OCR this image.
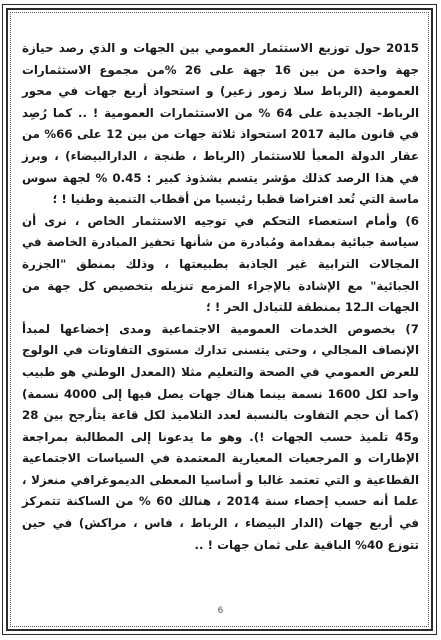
2015 حول توزيع الاستثمار العمومي بين الجهات و الذي رصد حيازة جهة واحدة من بين 16 جهة على 26 %من مجموع الاستثمارات العمومية (الرباط سلا زمور زعير) و استحواذ أربع جهات في محور الرباط- الجديدة على 64 % من الاستثمارات العمومية ! .. كما رُصِد في قانون مالية 2017 استحواذ ثلاثة جهات من بين 12 على 66% من عقار الدولة المعبأ للاستثمار (الرباط ، طنجة ، الدارالبيضاء) ، وبرز في هذا الرصد كذلك مؤشر يتسم بشذوذ كبير : 0.45 % لجهة سوس ماسة التي تُعد افتراضا قطبا رئيسيا من أقطاب التنمية وطنيا ! ؛

6) وأمام استعصاء التحكم في توجيه الاستثمار الخاص ، نرى أن سياسة جبائية بمقدامة ومُبادرة من شأنها تحفيز المبادرة الخاصة في المجالات الترابية غير الجاذبة بطبيعتها ، وذلك بمنطق "الجزرة الجبائية" مع الإشادة بالإجراء المزمع تنزيله بتخصيص كل جهة من الجهات الـ12 بمنطقة للتبادل الحر ! ؛

7) بخصوص الخدمات العمومية الاجتماعية ومدى إخضاعها لمبدأ الإنصاف المجالي ، وحتى يتسنى تدارك مستوى التفاوتات في الولوج للعرض العمومي في الصحة والتعليم مثلا (المعدل الوطني هو طبيب واحد لكل 1600 نسمة بينما هناك جهات يصل فيها إلى 4000 نسمة) (كما أن حجم التفاوت بالنسبة لعدد التلاميذ لكل قاعة يتأرجح بين 28 و45 تلميذ حسب الجهات !). وهو ما يدعونا إلى المطالبة بمراجعة الإطارات و المرجعيات المعيارية المعتمدة في السياسات الاجتماعية القطاعية و التي تعتمد غالبا و أساسيا المعطى الديموغرافي منعزلا ، علما أنه حسب إحصاء سنة 2014 ، هنالك 60 % من الساكنة تتمركز في أربع جهات (الدار البيضاء ، الرباط ، فاس ، مراكش) في حين تتوزع 40% الباقية على ثمان جهات ! ..

6
